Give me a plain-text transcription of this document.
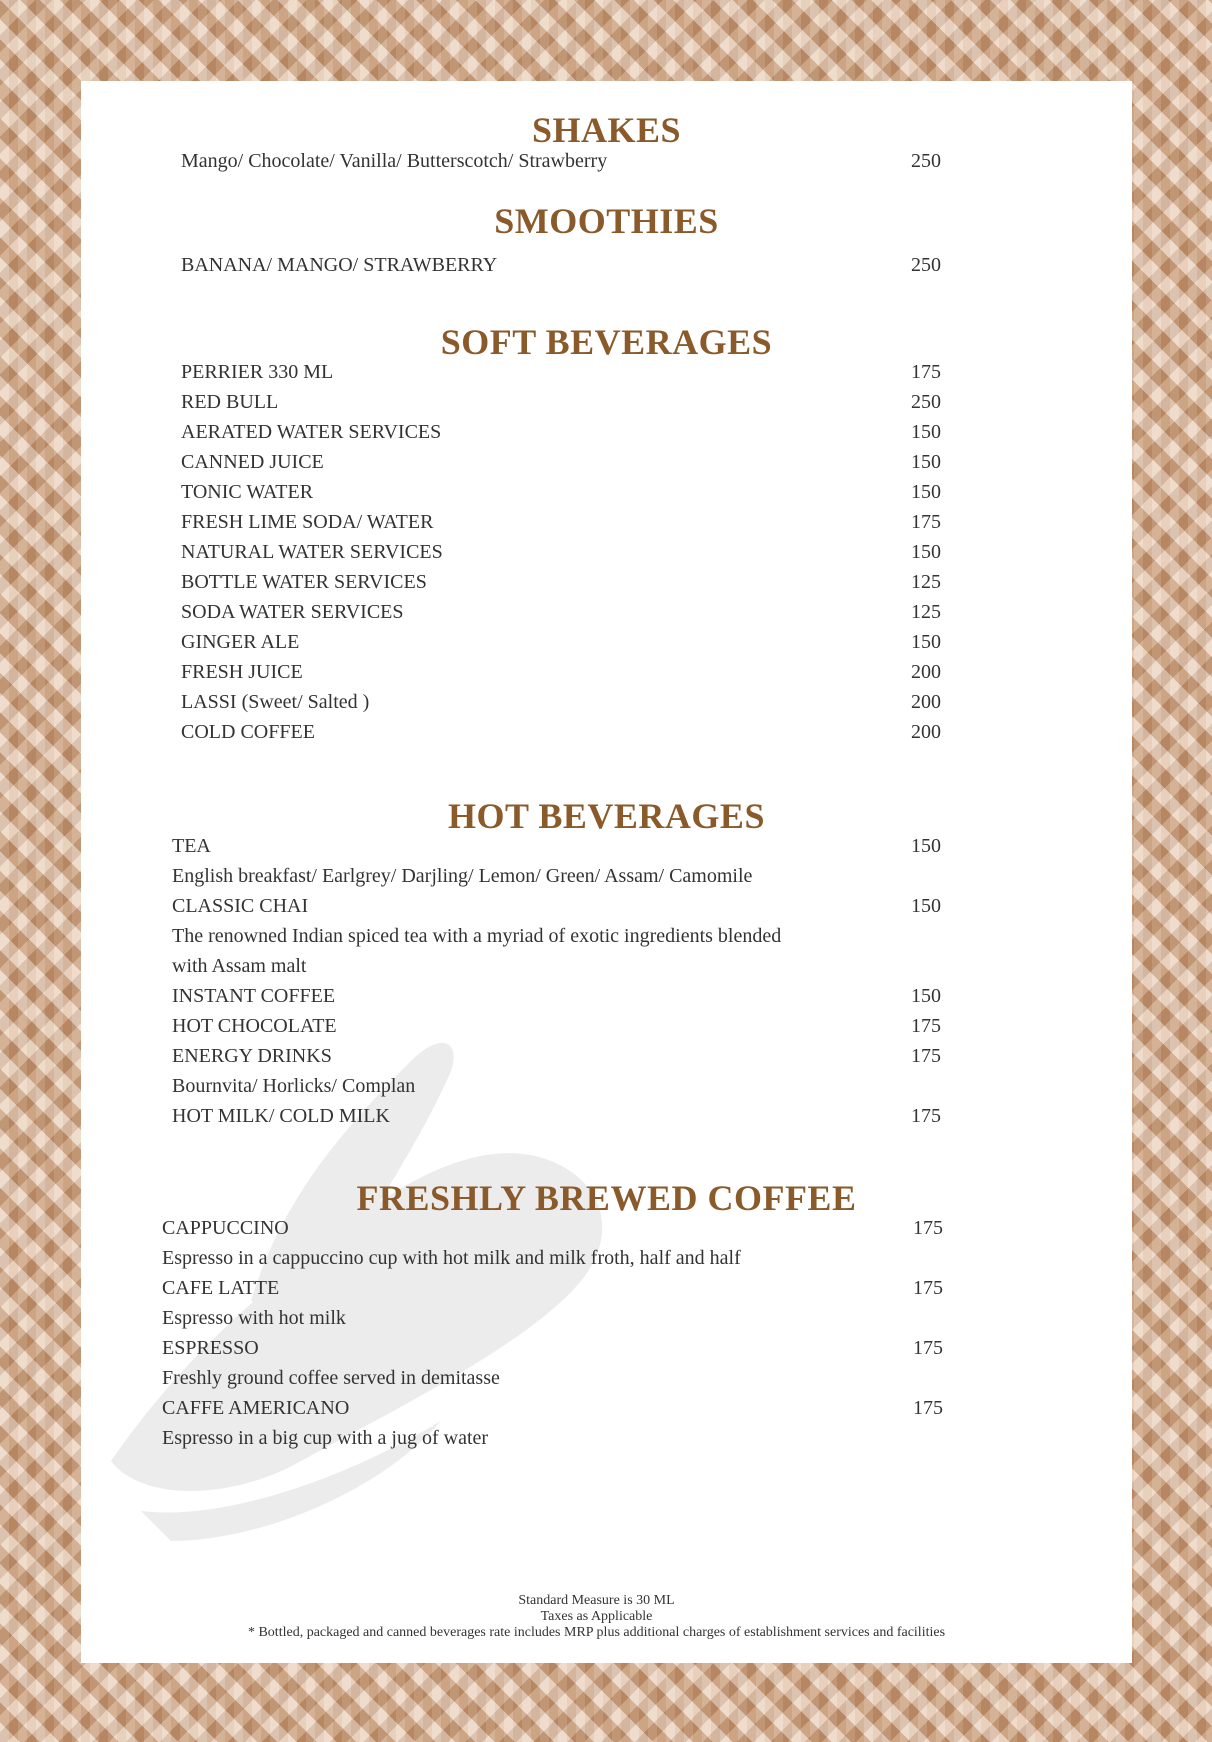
SHAKES
Mango/ Chocolate/ Vanilla/ Butterscotch/ Strawberry	250
SMOOTHIES
BANANA/ MANGO/ STRAWBERRY	250
SOFT BEVERAGES
PERRIER 330 ML	175
RED BULL	250
AERATED WATER SERVICES	150
CANNED JUICE	150
TONIC WATER	150
FRESH LIME SODA/ WATER	175
NATURAL WATER SERVICES	150
BOTTLE WATER SERVICES	125
SODA WATER SERVICES	125
GINGER ALE	150
FRESH JUICE	200
LASSI (Sweet/ Salted )	200
COLD COFFEE	200
HOT BEVERAGES
TEA	150
English breakfast/ Earlgrey/ Darjling/ Lemon/ Green/ Assam/ Camomile
CLASSIC CHAI	150
The renowned Indian spiced tea with a myriad of exotic ingredients blended
with Assam malt
INSTANT COFFEE	150
HOT CHOCOLATE	175
ENERGY DRINKS	175
Bournvita/ Horlicks/ Complan
HOT MILK/ COLD MILK	175
FRESHLY BREWED COFFEE
CAPPUCCINO	175
Espresso in a cappuccino cup with hot milk and milk froth, half and half
CAFE LATTE	175
Espresso with hot milk
ESPRESSO	175
Freshly ground coffee served in demitasse
CAFFE AMERICANO	175
Espresso in a big cup with a jug of water
Standard Measure is 30 ML
Taxes as Applicable
* Bottled, packaged and canned beverages rate includes MRP plus additional charges of establishment services and facilities
